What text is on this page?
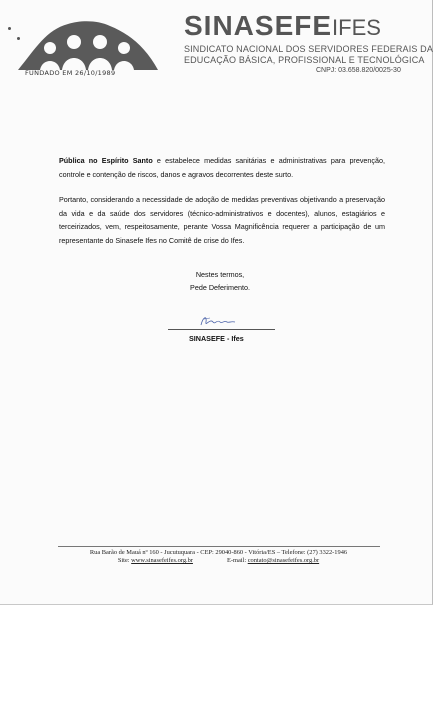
FUNDADO EM 26/10/1989
SINASEFEIFES
SINDICATO NACIONAL DOS SERVIDORES FEDERAIS DA
EDUCAÇÃO BÁSICA, PROFISSIONAL E TECNOLÓGICA
CNPJ: 03.658.820/0025-30
Pública no Espírito Santo e estabelece medidas sanitárias e administrativas para prevenção, controle e contenção de riscos, danos e agravos decorrentes deste surto.
Portanto, considerando a necessidade de adoção de medidas preventivas objetivando a preservação da vida e da saúde dos servidores (técnico-administrativos e docentes), alunos, estagiários e terceirizados, vem, respeitosamente, perante Vossa Magnificência requerer a participação de um representante do Sinasefe Ifes no Comitê de crise do Ifes.
Nestes termos,
Pede Deferimento.
SINASEFE - Ifes
Rua Barão de Mauá nº 160 - Jucutuquara - CEP: 29040-860 - Vitória/ES – Telefone: (27) 3322-1946
Site: www.sinasefeifes.org.br	E-mail: contato@sinasefeifes.org.br
